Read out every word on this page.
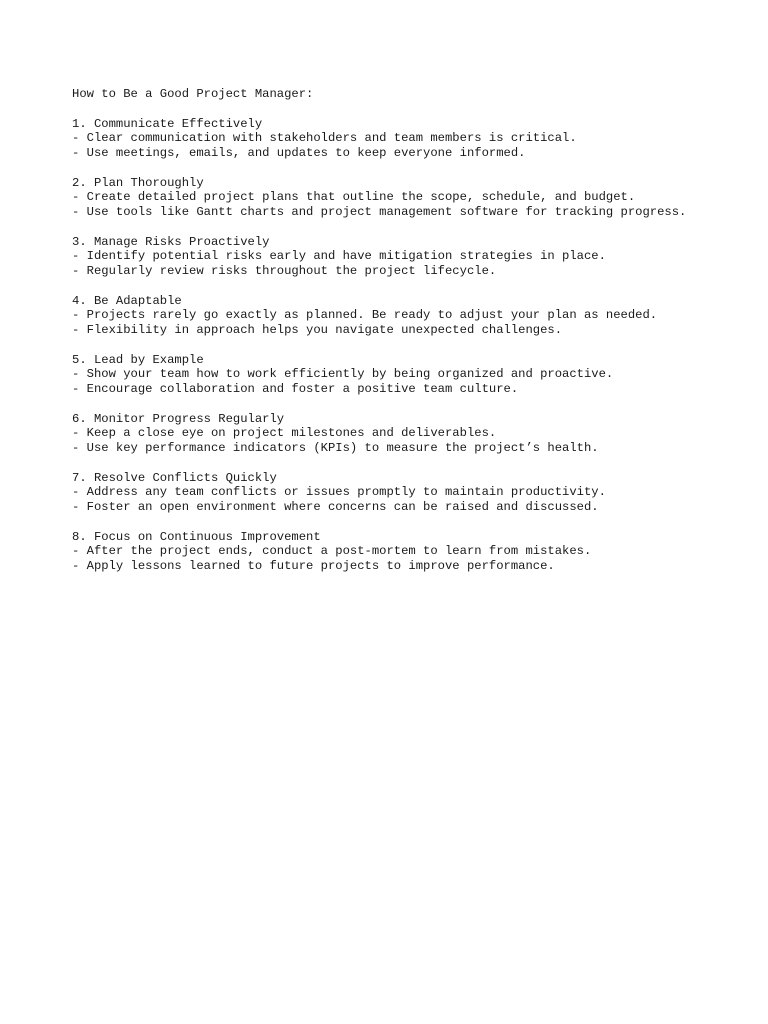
How to Be a Good Project Manager:
1. Communicate Effectively
- Clear communication with stakeholders and team members is critical.
- Use meetings, emails, and updates to keep everyone informed.
2. Plan Thoroughly
- Create detailed project plans that outline the scope, schedule, and budget.
- Use tools like Gantt charts and project management software for tracking progress.
3. Manage Risks Proactively
- Identify potential risks early and have mitigation strategies in place.
- Regularly review risks throughout the project lifecycle.
4. Be Adaptable
- Projects rarely go exactly as planned. Be ready to adjust your plan as needed.
- Flexibility in approach helps you navigate unexpected challenges.
5. Lead by Example
- Show your team how to work efficiently by being organized and proactive.
- Encourage collaboration and foster a positive team culture.
6. Monitor Progress Regularly
- Keep a close eye on project milestones and deliverables.
- Use key performance indicators (KPIs) to measure the project’s health.
7. Resolve Conflicts Quickly
- Address any team conflicts or issues promptly to maintain productivity.
- Foster an open environment where concerns can be raised and discussed.
8. Focus on Continuous Improvement
- After the project ends, conduct a post-mortem to learn from mistakes.
- Apply lessons learned to future projects to improve performance.
